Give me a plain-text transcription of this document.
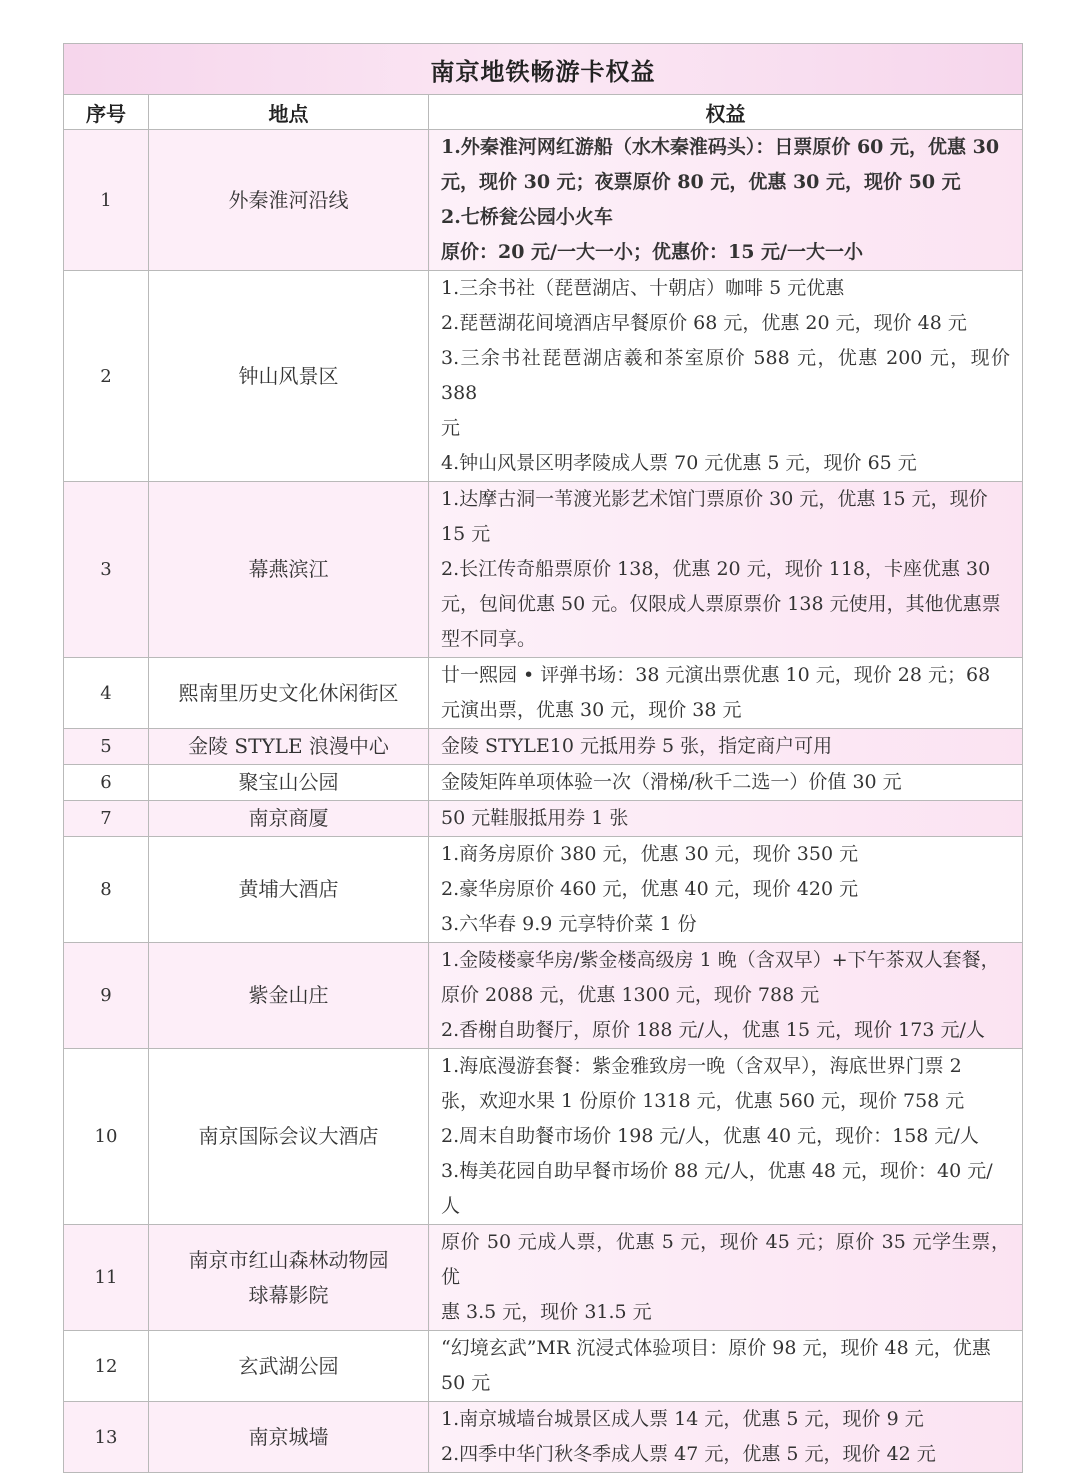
南京地铁畅游卡权益		
序号	地点	权益
1	外秦淮河沿线	1.外秦淮河网红游船（水木秦淮码头）：日票原价 60 元，优惠 30
元，现价 30 元；夜票原价 80 元，优惠 30 元，现价 50 元
2.七桥瓮公园小火车
原价：20 元/一大一小；优惠价：15 元/一大一小

2	钟山风景区	1.三余书社（琵琶湖店、十朝店）咖啡 5 元优惠
2.琵琶湖花间境酒店早餐原价 68 元，优惠 20 元，现价 48 元
3.三余书社琵琶湖店羲和茶室原价 588 元，优惠 200 元，现价 388
元
4.钟山风景区明孝陵成人票 70 元优惠 5 元，现价 65 元

3	幕燕滨江	1.达摩古洞一苇渡光影艺术馆门票原价 30 元，优惠 15 元，现价
15 元
2.长江传奇船票原价 138，优惠 20 元，现价 118，卡座优惠 30
元，包间优惠 50 元。仅限成人票原票价 138 元使用，其他优惠票
型不同享。

4	熙南里历史文化休闲街区	廿一熙园 • 评弹书场：38 元演出票优惠 10 元，现价 28 元；68
元演出票，优惠 30 元，现价 38 元

5	金陵 STYLE 浪漫中心	金陵 STYLE10 元抵用券 5 张，指定商户可用

6	聚宝山公园	金陵矩阵单项体验一次（滑梯/秋千二选一）价值 30 元

7	南京商厦	50 元鞋服抵用券 1 张

8	黄埔大酒店	1.商务房原价 380 元，优惠 30 元，现价 350 元
2.豪华房原价 460 元，优惠 40 元，现价 420 元
3.六华春 9.9 元享特价菜 1 份

9	紫金山庄	1.金陵楼豪华房/紫金楼高级房 1 晚（含双早）+下午茶双人套餐，
原价 2088 元，优惠 1300 元，现价 788 元
2.香榭自助餐厅，原价 188 元/人，优惠 15 元，现价 173 元/人

10	南京国际会议大酒店	1.海底漫游套餐：紫金雅致房一晚（含双早），海底世界门票 2
张，欢迎水果 1 份原价 1318 元，优惠 560 元，现价 758 元
2.周末自助餐市场价 198 元/人，优惠 40 元，现价：158 元/人
3.梅美花园自助早餐市场价 88 元/人，优惠 48 元，现价：40 元/
人

11	南京市红山森林动物园
球幕影院	原价 50 元成人票，优惠 5 元，现价 45 元；原价 35 元学生票，优
惠 3.5 元，现价 31.5 元

12	玄武湖公园	“幻境玄武”MR 沉浸式体验项目：原价 98 元，现价 48 元，优惠
50 元

13	南京城墙	1.南京城墙台城景区成人票 14 元，优惠 5 元，现价 9 元
2.四季中华门秋冬季成人票 47 元，优惠 5 元，现价 42 元
